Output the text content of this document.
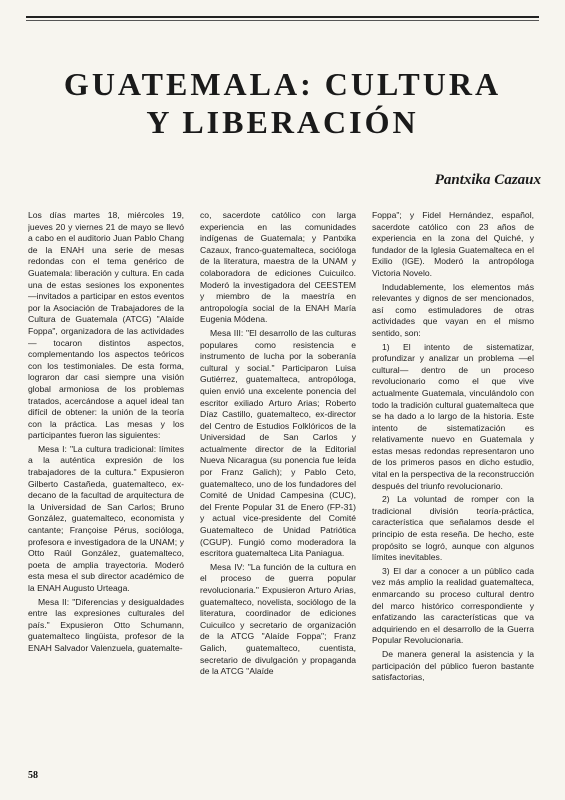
GUATEMALA: CULTURA
Y LIBERACIÓN
Pantxika Cazaux

Los días martes 18, miércoles 19, jueves 20 y viernes 21 de mayo se llevó a cabo en el auditorio Juan Pablo Chang de la ENAH una serie de mesas redondas con el tema genérico de Guatemala: liberación y cultura. En cada una de estas sesiones los exponentes —invitados a participar en estos eventos por la Asociación de Trabajadores de la Cultura de Guatemala (ATCG) "Alaíde Foppa", organizadora de las actividades— tocaron distintos aspectos, complementando los aspectos teóricos con los testimoniales. De esta forma, lograron dar casi siempre una visión global armoniosa de los problemas tratados, acercándose a aquel ideal tan difícil de obtener: la unión de la teoría con la práctica. Las mesas y los participantes fueron las siguientes:

Mesa I: "La cultura tradicional: límites a la auténtica expresión de los trabajadores de la cultura." Expusieron Gilberto Castañeda, guatemalteco, ex-decano de la facultad de arquitectura de la Universidad de San Carlos; Bruno González, guatemalteco, economista y cantante; Françoise Pérus, socióloga, profesora e investigadora de la UNAM; y Otto Raúl González, guatemalteco, poeta de amplia trayectoria. Moderó esta mesa el sub director académico de la ENAH Augusto Urteaga.

Mesa II: "Diferencias y desigualdades entre las expresiones culturales del país." Expusieron Otto Schumann, guatemalteco lingüista, profesor de la ENAH Salvador Valenzuela, guatemalte-

co, sacerdote católico con larga experiencia en las comunidades indígenas de Guatemala; y Pantxika Cazaux, franco-guatemalteca, socióloga de la literatura, maestra de la UNAM y colaboradora de ediciones Cuicuilco. Moderó la investigadora del CEESTEM y miembro de la maestría en antropología social de la ENAH María Eugenia Módena.

Mesa III: "El desarrollo de las culturas populares como resistencia e instrumento de lucha por la soberanía cultural y social." Participaron Luisa Gutiérrez, guatemalteca, antropóloga, quien envió una excelente ponencia del escritor exiliado Arturo Arias; Roberto Díaz Castillo, guatemalteco, ex-director del Centro de Estudios Folklóricos de la Universidad de San Carlos y actualmente director de la Editorial Nueva Nicaragua (su ponencia fue leída por Franz Galich); y Pablo Ceto, guatemalteco, uno de los fundadores del Comité de Unidad Campesina (CUC), del Frente Popular 31 de Enero (FP-31) y actual vice-presidente del Comité Guatemalteco de Unidad Patriótica (CGUP). Fungió como moderadora la escritora guatemalteca Lita Paniagua.

Mesa IV: "La función de la cultura en el proceso de guerra popular revolucionaria." Expusieron Arturo Arias, guatemalteco, novelista, sociólogo de la literatura, coordinador de ediciones Cuicuilco y secretario de organización de la ATCG "Alaíde Foppa"; Franz Galich, guatemalteco, cuentista, secretario de divulgación y propaganda de la ATCG "Alaíde

Foppa"; y Fidel Hernández, español, sacerdote católico con 23 años de experiencia en la zona del Quiché, y fundador de la Iglesia Guatemalteca en el Exilio (IGE). Moderó la antropóloga Victoria Novelo.

Indudablemente, los elementos más relevantes y dignos de ser mencionados, así como estimuladores de otras actividades que vayan en el mismo sentido, son:

1) El intento de sistematizar, profundizar y analizar un problema —el cultural— dentro de un proceso revolucionario como el que vive actualmente Guatemala, vinculándolo con todo la tradición cultural guatemalteca que se ha dado a lo largo de la historia. Este intento de sistematización es relativamente nuevo en Guatemala y estas mesas redondas representaron uno de los primeros pasos en dicho estudio, vital en la perspectiva de la reconstrucción después del triunfo revolucionario.

2) La voluntad de romper con la tradicional división teoría-práctica, característica que señalamos desde el principio de esta reseña. De hecho, este propósito se logró, aunque con algunos límites inevitables.

3) El dar a conocer a un público cada vez más amplio la realidad guatemalteca, enmarcando su proceso cultural dentro del marco histórico correspondiente y enfatizando las características que va adquiriendo en el desarrollo de la Guerra Popular Revolucionaria.

De manera general la asistencia y la participación del público fueron bastante satisfactorias,

58
